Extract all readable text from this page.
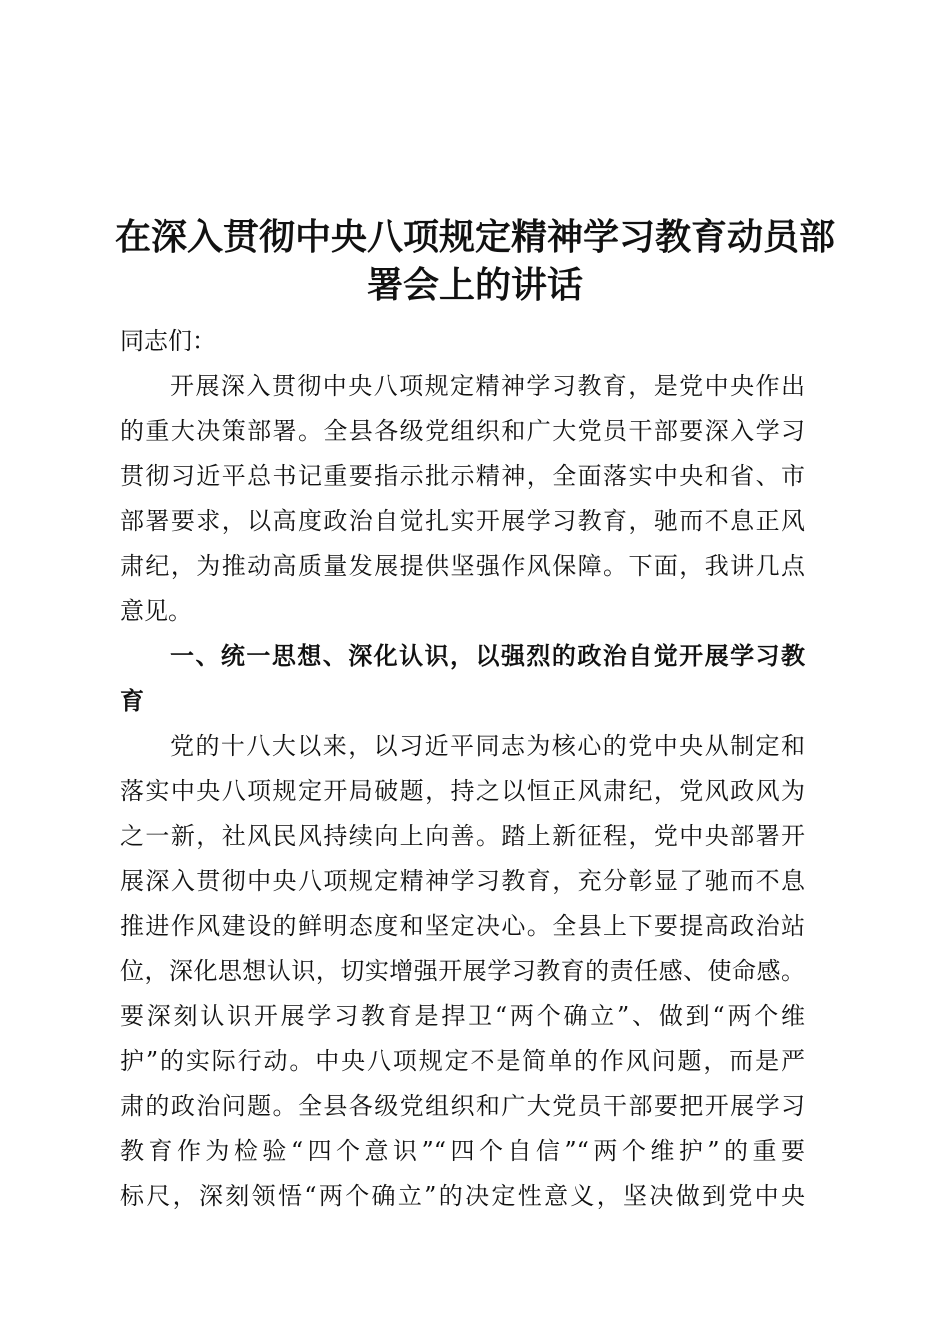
在深入贯彻中央八项规定精神学习教育动员部
署会上的讲话

同志们：

开展深入贯彻中央八项规定精神学习教育，是党中央作出

的重大决策部署。全县各级党组织和广大党员干部要深入学习

贯彻习近平总书记重要指示批示精神，全面落实中央和省、市

部署要求，以高度政治自觉扎实开展学习教育，驰而不息正风

肃纪，为推动高质量发展提供坚强作风保障。下面，我讲几点

意见。

一、统一思想、深化认识，以强烈的政治自觉开展学习教

育

党的十八大以来，以习近平同志为核心的党中央从制定和

落实中央八项规定开局破题，持之以恒正风肃纪，党风政风为

之一新，社风民风持续向上向善。踏上新征程，党中央部署开

展深入贯彻中央八项规定精神学习教育，充分彰显了驰而不息

推进作风建设的鲜明态度和坚定决心。全县上下要提高政治站

位，深化思想认识，切实增强开展学习教育的责任感、使命感。

要深刻认识开展学习教育是捍卫“两个确立”、做到“两个维

护”的实际行动。中央八项规定不是简单的作风问题，而是严

肃的政治问题。全县各级党组织和广大党员干部要把开展学习

教育作为检验“四个意识”“四个自信”“两个维护”的重要

标尺，深刻领悟“两个确立”的决定性意义，坚决做到党中央
